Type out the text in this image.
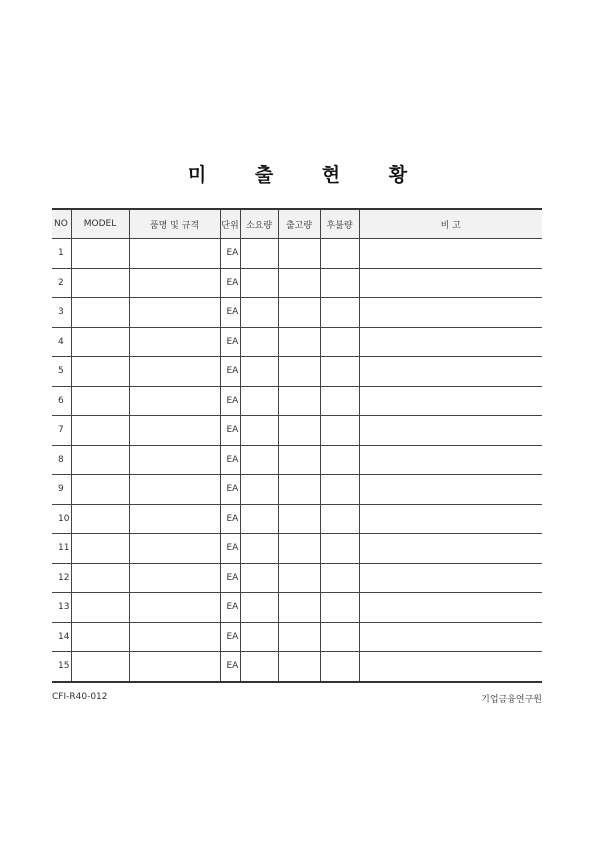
미 출 현 황
NO	MODEL	품명 및 규격	단위	소요량	출고량	후불량	비 고
1			EA				
2			EA				
3			EA				
4			EA				
5			EA				
6			EA				
7			EA				
8			EA				
9			EA				
10			EA				
11			EA				
12			EA				
13			EA				
14			EA				
15			EA				
CFI-R40-012	기업금융연구원
